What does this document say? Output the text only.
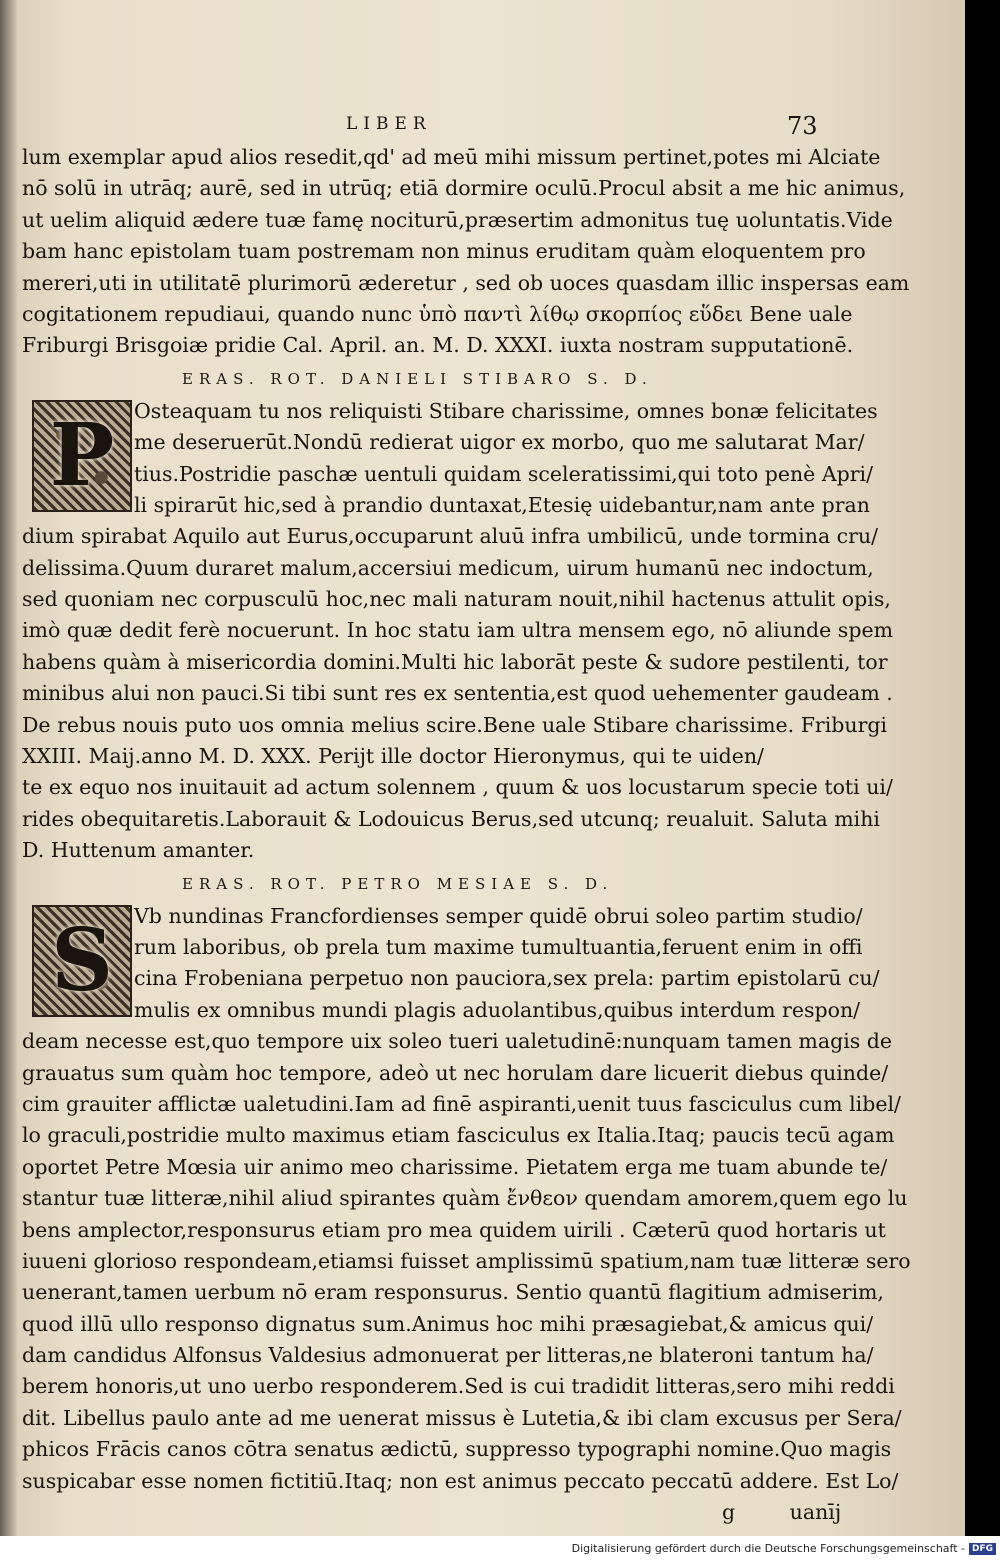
LIBER	73
lum exemplar apud alios resedit,qd' ad meū mihi missum pertinet,potes mi Alciate
nō solū in utrāq; aurē, sed in utrūq; etiā dormire oculū.Procul absit a me hic animus,
ut uelim aliquid ædere tuæ famę nociturū,præsertim admonitus tuę uoluntatis.Vide
bam hanc epistolam tuam postremam non minus eruditam quàm eloquentem pro
mereri,uti in utilitatē plurimorū æderetur , sed ob uoces quasdam illic inspersas eam
cogitationem repudiaui, quando nunc ὑπὸ παντὶ λίθῳ σκορπίος εὕδει Bene uale
Friburgi Brisgoiæ pridie Cal. April. an. M. D. XXXI. iuxta nostram supputationē.
ERAS. ROT. DANIELI STIBARO S. D.
P Osteaquam tu nos reliquisti Stibare charissime, omnes bonæ felicitates
me deseruerūt.Nondū redierat uigor ex morbo, quo me salutarat Mar/
tius.Postridie paschæ uentuli quidam sceleratissimi,qui toto penè Apri/
li spirarūt hic,sed à prandio duntaxat,Etesię uidebantur,nam ante pran
dium spirabat Aquilo aut Eurus,occuparunt aluū infra umbilicū, unde tormina cru/
delissima.Quum duraret malum,accersiui medicum, uirum humanū nec indoctum,
sed quoniam nec corpusculū hoc,nec mali naturam nouit,nihil hactenus attulit opis,
imò quæ dedit ferè nocuerunt. In hoc statu iam ultra mensem ego, nō aliunde spem
habens quàm à misericordia domini.Multi hic laborāt peste & sudore pestilenti, tor
minibus alui non pauci.Si tibi sunt res ex sententia,est quod uehementer gaudeam .
De rebus nouis puto uos omnia melius scire.Bene uale Stibare charissime. Friburgi
XXIII. Maij.anno M. D. XXX. Perijt ille doctor Hieronymus, qui te uiden/
te ex equo nos inuitauit ad actum solennem , quum & uos locustarum specie toti ui/
rides obequitaretis.Laborauit & Lodouicus Berus,sed utcunq; reualuit. Saluta mihi
D. Huttenum amanter.
ERAS. ROT. PETRO MESIAE S. D.
S	Vb nundinas Francfordienses semper quidē obrui soleo partim studio/
rum laboribus, ob prela tum maxime tumultuantia,feruent enim in offi
cina Frobeniana perpetuo non pauciora,sex prela: partim epistolarū cu/
mulis ex omnibus mundi plagis aduolantibus,quibus interdum respon/
deam necesse est,quo tempore uix soleo tueri ualetudinē:nunquam tamen magis de
grauatus sum quàm hoc tempore, adeò ut nec horulam dare licuerit diebus quinde/
cim grauiter afflictæ ualetudini.Iam ad finē aspiranti,uenit tuus fasciculus cum libel/
lo graculi,postridie multo maximus etiam fasciculus ex Italia.Itaq; paucis tecū agam
oportet Petre Mœsia uir animo meo charissime. Pietatem erga me tuam abunde te/
stantur tuæ litteræ,nihil aliud spirantes quàm ἔνθεον quendam amorem,quem ego lu
bens amplector,responsurus etiam pro mea quidem uirili . Cæterū quod hortaris ut
iuueni glorioso respondeam,etiamsi fuisset amplissimū spatium,nam tuæ litteræ sero
uenerant,tamen uerbum nō eram responsurus. Sentio quantū flagitium admiserim,
quod illū ullo responso dignatus sum.Animus hoc mihi præsagiebat,& amicus qui/
dam candidus Alfonsus Valdesius admonuerat per litteras,ne blateroni tantum ha/
berem honoris,ut uno uerbo responderem.Sed is cui tradidit litteras,sero mihi reddi
dit. Libellus paulo ante ad me uenerat missus è Lutetia,& ibi clam excusus per Sera/
phicos Frācis canos cōtra senatus ædictū, suppresso typographi nomine.Quo magis
suspicabar esse nomen fictitiū.Itaq; non est animus peccato peccatū addere. Est Lo/
g	uanīj
Digitalisierung gefördert durch die Deutsche Forschungsgemeinschaft - DFG
